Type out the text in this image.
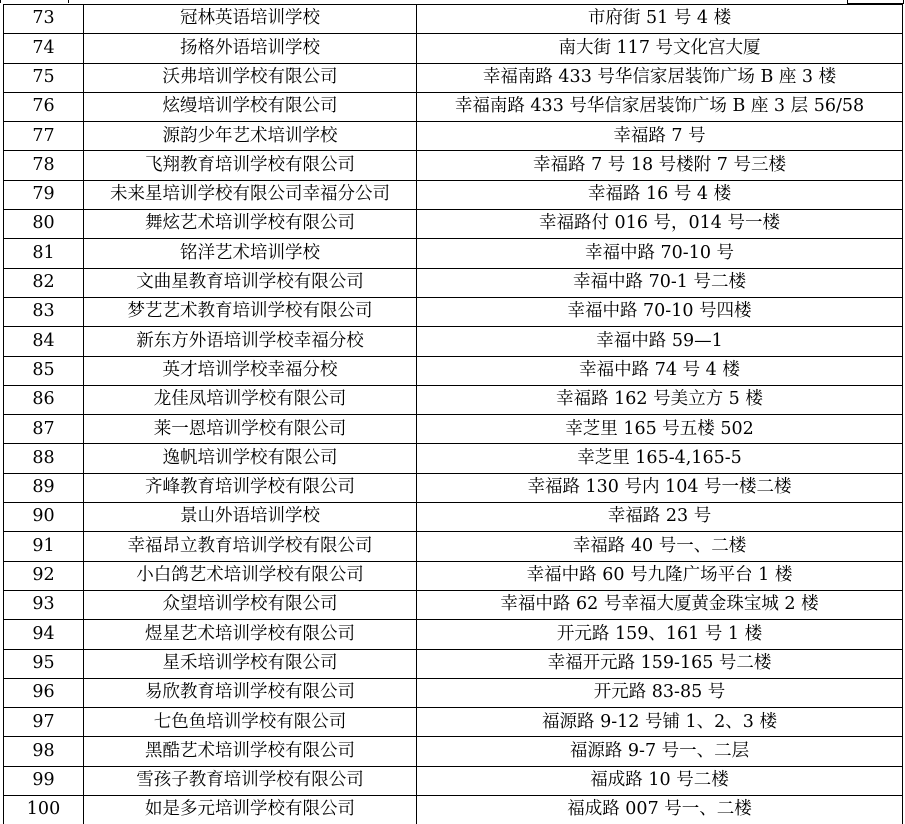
73	冠林英语培训学校	市府街 51 号 4 楼
74	扬格外语培训学校	南大街 117 号文化宫大厦
75	沃弗培训学校有限公司	幸福南路 433 号华信家居装饰广场 B 座 3 楼
76	炫缦培训学校有限公司	幸福南路 433 号华信家居装饰广场 B 座 3 层 56/58
77	源韵少年艺术培训学校	幸福路 7 号
78	飞翔教育培训学校有限公司	幸福路 7 号 18 号楼附 7 号三楼
79	未来星培训学校有限公司幸福分公司	幸福路 16 号 4 楼
80	舞炫艺术培训学校有限公司	幸福路付 016 号，014 号一楼
81	铭洋艺术培训学校	幸福中路 70-10 号
82	文曲星教育培训学校有限公司	幸福中路 70-1 号二楼
83	梦艺艺术教育培训学校有限公司	幸福中路 70-10 号四楼
84	新东方外语培训学校幸福分校	幸福中路 59—1
85	英才培训学校幸福分校	幸福中路 74 号 4 楼
86	龙佳凤培训学校有限公司	幸福路 162 号美立方 5 楼
87	莱一恩培训学校有限公司	幸芝里 165 号五楼 502
88	逸帆培训学校有限公司	幸芝里 165-4,165-5
89	齐峰教育培训学校有限公司	幸福路 130 号内 104 号一楼二楼
90	景山外语培训学校	幸福路 23 号
91	幸福昂立教育培训学校有限公司	幸福路 40 号一、二楼
92	小白鸽艺术培训学校有限公司	幸福中路 60 号九隆广场平台 1 楼
93	众望培训学校有限公司	幸福中路 62 号幸福大厦黄金珠宝城 2 楼
94	煜星艺术培训学校有限公司	开元路 159、161 号 1 楼
95	星禾培训学校有限公司	幸福开元路 159-165 号二楼
96	易欣教育培训学校有限公司	开元路 83-85 号
97	七色鱼培训学校有限公司	福源路 9-12 号铺 1、2、3 楼
98	黑酷艺术培训学校有限公司	福源路 9-7 号一、二层
99	雪孩子教育培训学校有限公司	福成路 10 号二楼
100	如是多元培训学校有限公司	福成路 007 号一、二楼
